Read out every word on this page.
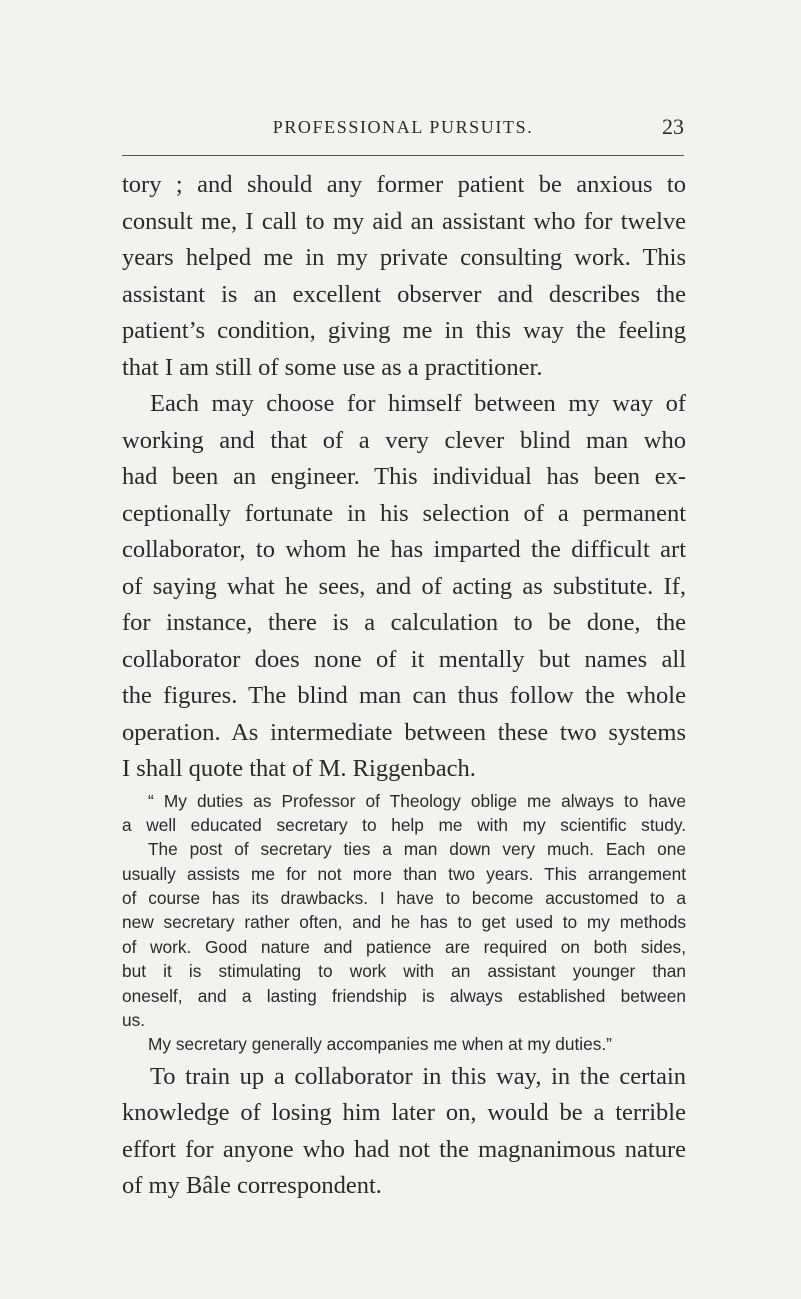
PROFESSIONAL PURSUITS.	23
tory ; and should any former patient be anxious to
consult me, I call to my aid an assistant who for twelve
years helped me in my private consulting work. This
assistant is an excellent observer and describes the
patient’s condition, giving me in this way the feeling
that I am still of some use as a practitioner.
Each may choose for himself between my way of
working and that of a very clever blind man who
had been an engineer. This individual has been ex-
ceptionally fortunate in his selection of a permanent
collaborator, to whom he has imparted the difficult art
of saying what he sees, and of acting as substitute. If,
for instance, there is a calculation to be done, the
collaborator does none of it mentally but names all
the figures. The blind man can thus follow the whole
operation. As intermediate between these two systems
I shall quote that of M. Riggenbach.
“ My duties as Professor of Theology oblige me always to have
a well educated secretary to help me with my scientific study.
The post of secretary ties a man down very much. Each one
usually assists me for not more than two years. This arrangement
of course has its drawbacks. I have to become accustomed to a
new secretary rather often, and he has to get used to my methods
of work. Good nature and patience are required on both sides,
but it is stimulating to work with an assistant younger than
oneself, and a lasting friendship is always established between
us.
My secretary generally accompanies me when at my duties.”
To train up a collaborator in this way, in the certain
knowledge of losing him later on, would be a terrible
effort for anyone who had not the magnanimous nature
of my Bâle correspondent.
